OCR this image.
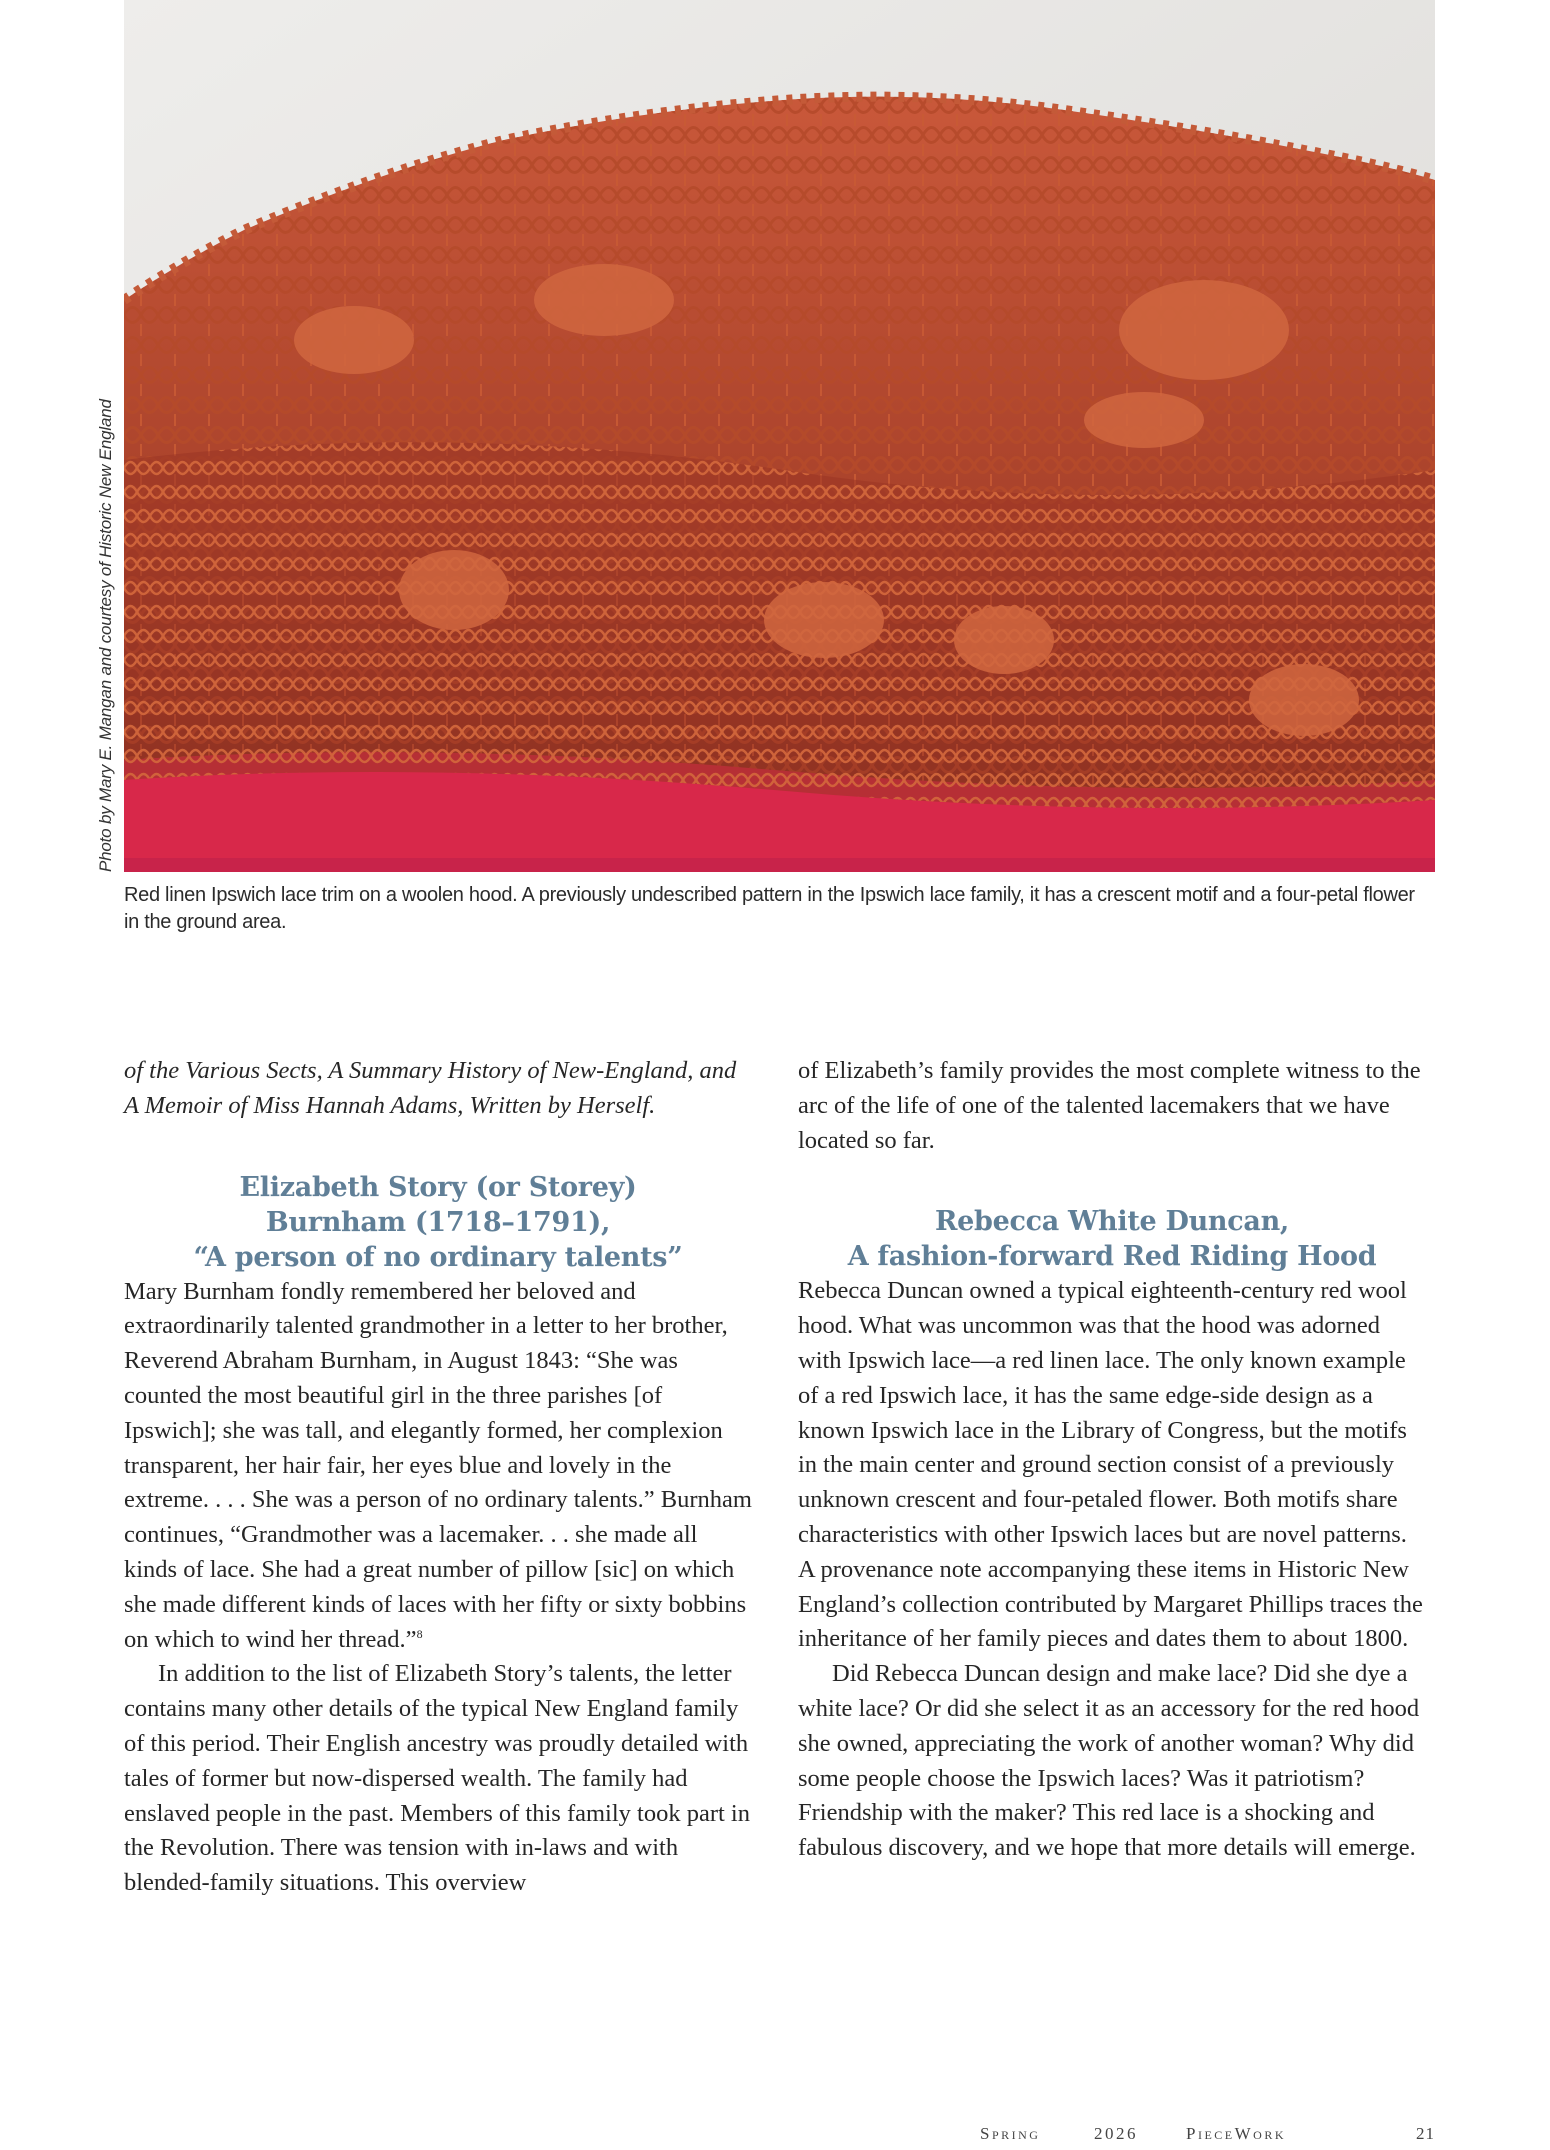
Photo by Mary E. Mangan and courtesy of Historic New England
Red linen Ipswich lace trim on a woolen hood. A previously undescribed pattern in the Ipswich lace family, it has a crescent motif and a four-petal flower in the ground area.
of the Various Sects, A Summary History of New-England, and A Memoir of Miss Hannah Adams, Written by Herself.
Elizabeth Story (or Storey)
Burnham (1718–1791),
“A person of no ordinary talents”
Mary Burnham fondly remembered her beloved and extraordinarily talented grandmother in a letter to her brother, Reverend Abraham Burnham, in August 1843: “She was counted the most beautiful girl in the three parishes [of Ipswich]; she was tall, and elegantly formed, her complexion transparent, her hair fair, her eyes blue and lovely in the extreme. . . . She was a person of no ordinary talents.” Burnham continues, “Grandmother was a lacemaker. . . she made all kinds of lace. She had a great number of pillow [sic] on which she made different kinds of laces with her fifty or sixty bobbins on which to wind her thread.”$^8$
In addition to the list of Elizabeth Story’s talents, the letter contains many other details of the typical New England family of this period. Their English ancestry was proudly detailed with tales of former but now-dispersed wealth. The family had enslaved people in the past. Members of this family took part in the Revolution. There was tension with in-laws and with blended-family situations. This overview
of Elizabeth’s family provides the most complete witness to the arc of the life of one of the talented lacemakers that we have located so far.
Rebecca White Duncan,
A fashion-forward Red Riding Hood
Rebecca Duncan owned a typical eighteenth-century red wool hood. What was uncommon was that the hood was adorned with Ipswich lace—a red linen lace. The only known example of a red Ipswich lace, it has the same edge-side design as a known Ipswich lace in the Library of Congress, but the motifs in the main center and ground section consist of a previously unknown crescent and four-petaled flower. Both motifs share characteristics with other Ipswich laces but are novel patterns. A provenance note accompanying these items in Historic New England’s collection contributed by Margaret Phillips traces the inheritance of her family pieces and dates them to about 1800.
Did Rebecca Duncan design and make lace? Did she dye a white lace? Or did she select it as an accessory for the red hood she owned, appreciating the work of another woman? Why did some people choose the Ipswich laces? Was it patriotism? Friendship with the maker? This red lace is a shocking and fabulous discovery, and we hope that more details will emerge.
Spring	2026	PieceWork	21
